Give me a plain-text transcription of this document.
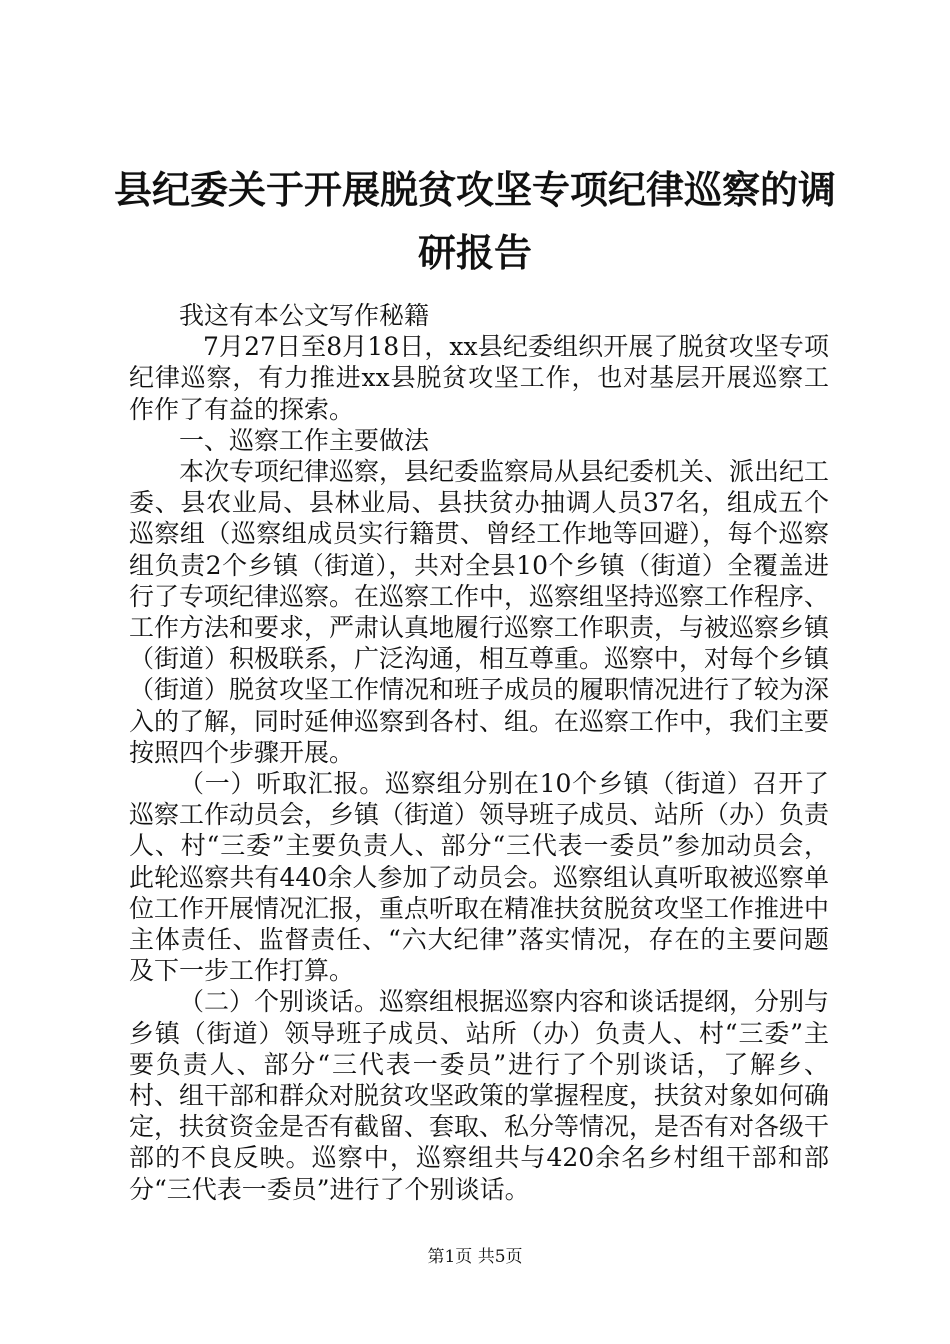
县纪委关于开展脱贫攻坚专项纪律巡察的调研报告

我这有本公文写作秘籍

7月27日至8月18日，xx县纪委组织开展了脱贫攻坚专项纪律巡察，有力推进xx县脱贫攻坚工作，也对基层开展巡察工作作了有益的探索。

一、巡察工作主要做法

本次专项纪律巡察，县纪委监察局从县纪委机关、派出纪工委、县农业局、县林业局、县扶贫办抽调人员37名，组成五个巡察组（巡察组成员实行籍贯、曾经工作地等回避），每个巡察组负责2个乡镇（街道），共对全县10个乡镇（街道）全覆盖进行了专项纪律巡察。在巡察工作中，巡察组坚持巡察工作程序、工作方法和要求，严肃认真地履行巡察工作职责，与被巡察乡镇（街道）积极联系，广泛沟通，相互尊重。巡察中，对每个乡镇（街道）脱贫攻坚工作情况和班子成员的履职情况进行了较为深入的了解，同时延伸巡察到各村、组。在巡察工作中，我们主要按照四个步骤开展。

（一）听取汇报。巡察组分别在10个乡镇（街道）召开了巡察工作动员会，乡镇（街道）领导班子成员、站所（办）负责人、村“三委”主要负责人、部分“三代表一委员”参加动员会，此轮巡察共有440余人参加了动员会。巡察组认真听取被巡察单位工作开展情况汇报，重点听取在精准扶贫脱贫攻坚工作推进中主体责任、监督责任、“六大纪律”落实情况，存在的主要问题及下一步工作打算。

（二）个别谈话。巡察组根据巡察内容和谈话提纲，分别与乡镇（街道）领导班子成员、站所（办）负责人、村“三委”主要负责人、部分“三代表一委员”进行了个别谈话，了解乡、村、组干部和群众对脱贫攻坚政策的掌握程度，扶贫对象如何确定，扶贫资金是否有截留、套取、私分等情况，是否有对各级干部的不良反映。巡察中，巡察组共与420余名乡村组干部和部分“三代表一委员”进行了个别谈话。

第1页 共5页
